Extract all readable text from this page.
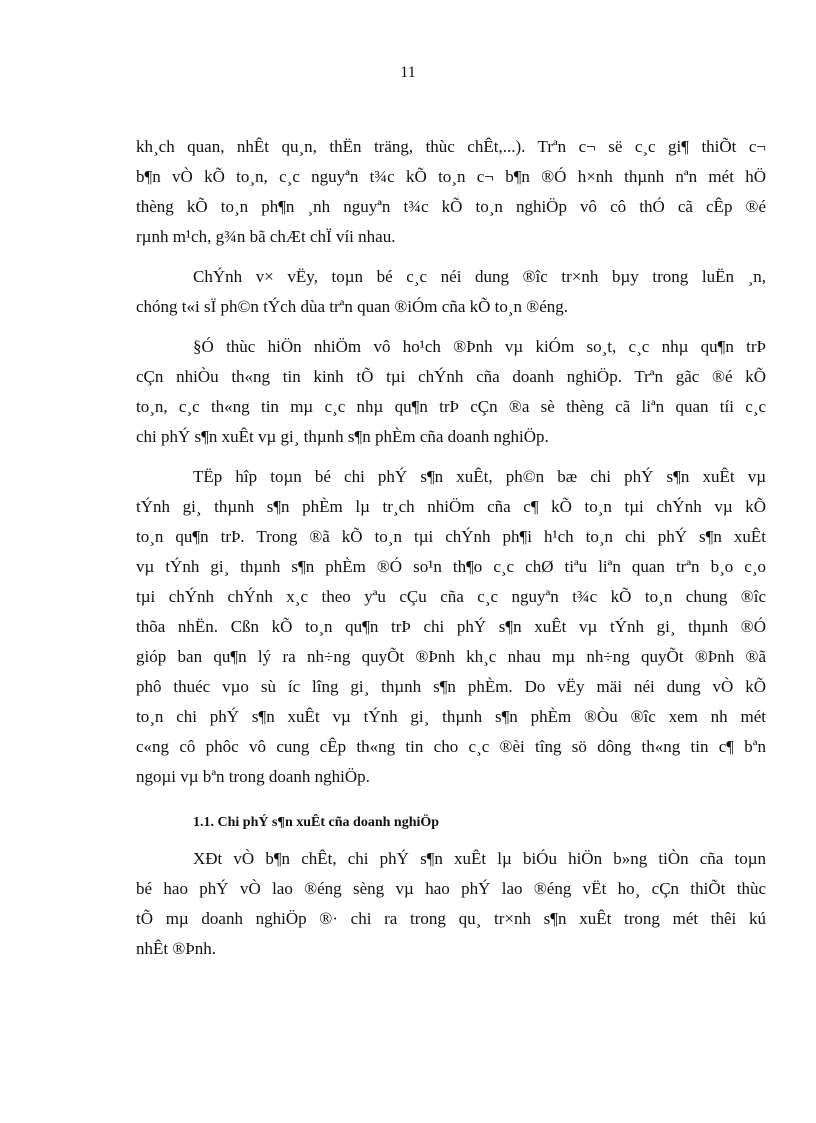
11
kh¸ch quan, nhÊt qu¸n, thËn träng, thùc chÊt,...). Trªn c¬ së c¸c gi¶ thiÕt c¬
b¶n vÒ kÕ to¸n, c¸c nguyªn t¾c kÕ to¸n c¬ b¶n ®Ó h×nh thµnh nªn mét hÖ
thèng kÕ to¸n ph¶n ¸nh nguyªn t¾c kÕ to¸n nghiÖp vô cô thÓ cã cÊp ®é
rµnh m¹ch, g¾n bã chÆt chÏ víi nhau.
ChÝnh v× vËy, toµn bé c¸c néi dung ®îc tr×nh bµy trong luËn ¸n,
chóng t«i sÏ ph©n tÝch dùa trªn quan ®iÓm cña kÕ to¸n ®éng.
§Ó thùc hiÖn nhiÖm vô ho¹ch ®Þnh vµ kiÓm so¸t, c¸c nhµ qu¶n trÞ
cÇn nhiÒu th«ng tin kinh tÕ tµi chÝnh cña doanh nghiÖp. Trªn gãc ®é kÕ
to¸n, c¸c th«ng tin mµ c¸c nhµ qu¶n trÞ cÇn ®a sè thèng cã liªn quan tíi c¸c
chi phÝ s¶n xuÊt vµ gi¸ thµnh s¶n phÈm cña doanh nghiÖp.
TËp hîp toµn bé chi phÝ s¶n xuÊt, ph©n bæ chi phÝ s¶n xuÊt vµ
tÝnh gi¸ thµnh s¶n phÈm lµ tr¸ch nhiÖm cña c¶ kÕ to¸n tµi chÝnh vµ kÕ
to¸n qu¶n trÞ. Trong ®ã kÕ to¸n tµi chÝnh ph¶i h¹ch to¸n chi phÝ s¶n xuÊt
vµ tÝnh gi¸ thµnh s¶n phÈm ®Ó so¹n th¶o c¸c chØ tiªu liªn quan trªn b¸o c¸o
tµi chÝnh chÝnh x¸c theo yªu cÇu cña c¸c nguyªn t¾c kÕ to¸n chung ®îc
thõa nhËn. Cßn kÕ to¸n qu¶n trÞ chi phÝ s¶n xuÊt vµ tÝnh gi¸ thµnh ®Ó
gióp ban qu¶n lý ra nh÷ng quyÕt ®Þnh kh¸c nhau mµ nh÷ng quyÕt ®Þnh ®ã
phô thuéc vµo sù íc lîng gi¸ thµnh s¶n phÈm. Do vËy mäi néi dung vÒ kÕ
to¸n chi phÝ s¶n xuÊt vµ tÝnh gi¸ thµnh s¶n phÈm ®Òu ®îc xem nh mét
c«ng cô phôc vô cung cÊp th«ng tin cho c¸c ®èi tîng sö dông th«ng tin c¶ bªn
ngoµi vµ bªn trong doanh nghiÖp.
1.1. Chi phÝ s¶n xuÊt cña doanh nghiÖp
XÐt vÒ b¶n chÊt, chi phÝ s¶n xuÊt lµ biÓu hiÖn b»ng tiÒn cña toµn
bé hao phÝ vÒ lao ®éng sèng vµ hao phÝ lao ®éng vËt ho¸ cÇn thiÕt thùc
tÕ mµ doanh nghiÖp ®· chi ra trong qu¸ tr×nh s¶n xuÊt trong mét thêi kú
nhÊt ®Þnh.
